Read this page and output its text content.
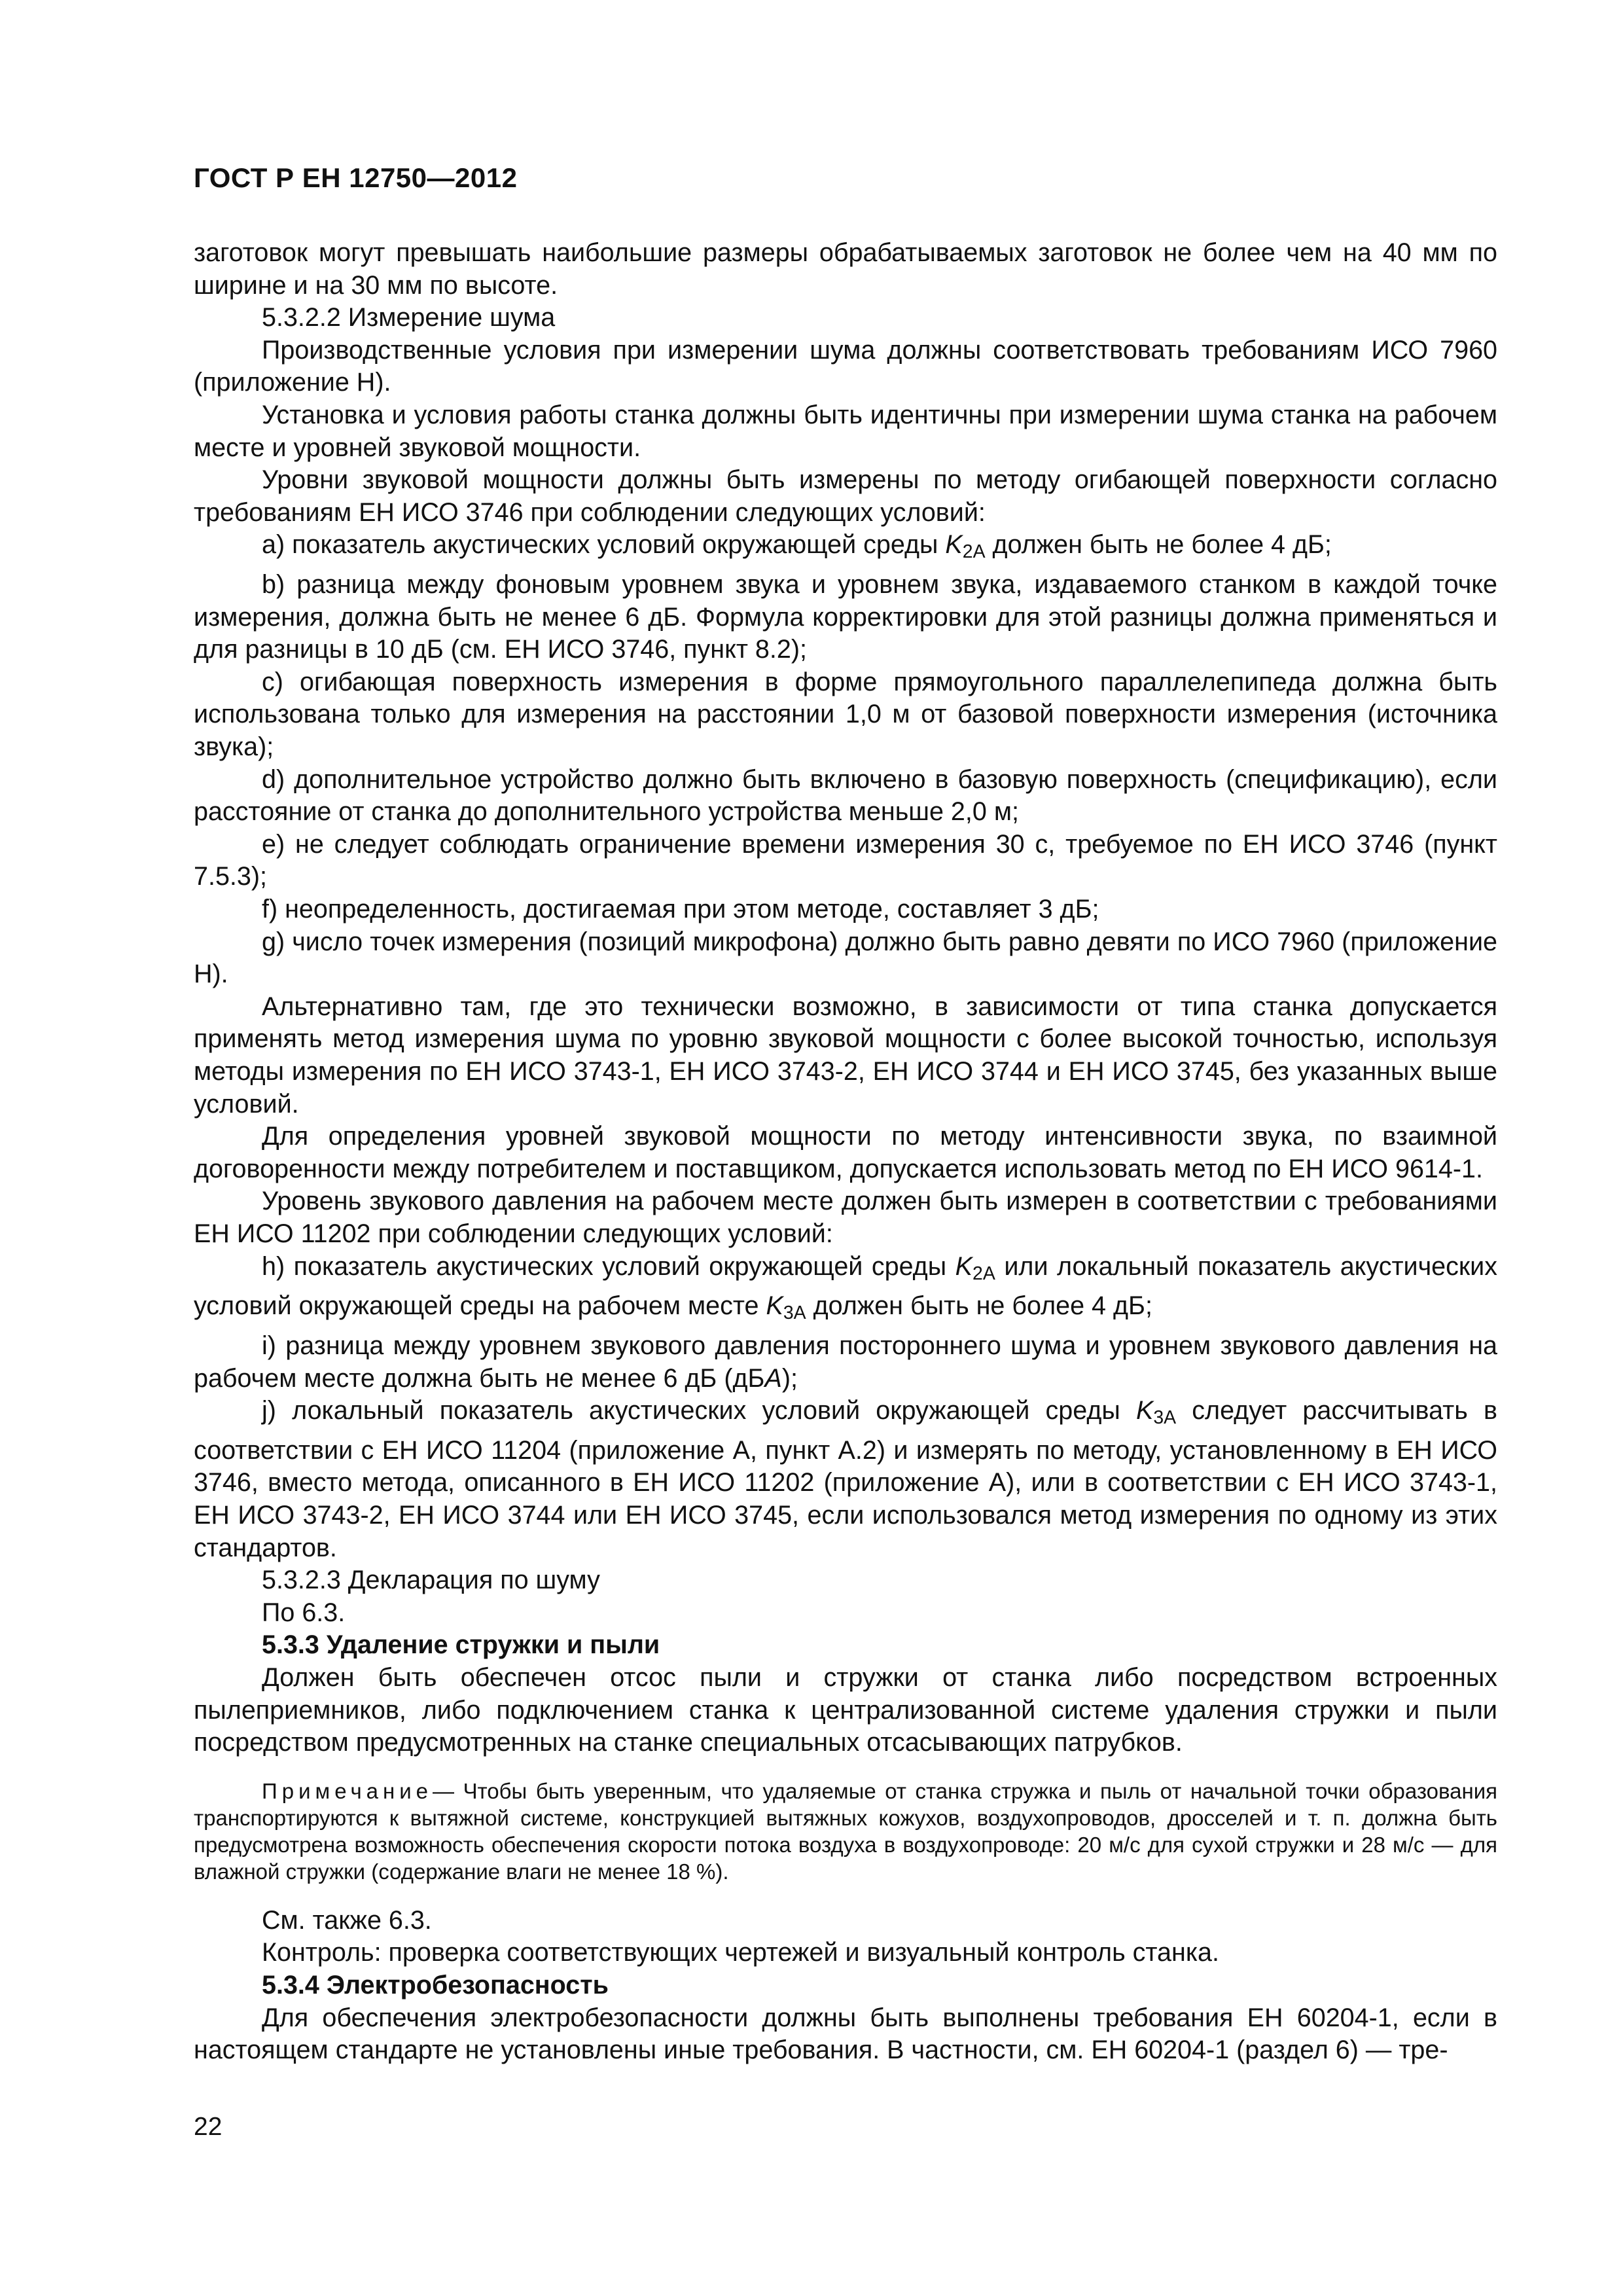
ГОСТ Р ЕН 12750—2012

заготовок могут превышать наибольшие размеры обрабатываемых заготовок не более чем на 40 мм по ширине и на 30 мм по высоте.

5.3.2.2 Измерение шума

Производственные условия при измерении шума должны соответствовать требованиям ИСО 7960 (приложение Н).

Установка и условия работы станка должны быть идентичны при измерении шума станка на рабочем месте и уровней звуковой мощности.

Уровни звуковой мощности должны быть измерены по методу огибающей поверхности согласно требованиям ЕН ИСО 3746 при соблюдении следующих условий:

а) показатель акустических условий окружающей среды $K_{2A}$ должен быть не более 4 дБ;

b) разница между фоновым уровнем звука и уровнем звука, издаваемого станком в каждой точке измерения, должна быть не менее 6 дБ. Формула корректировки для этой разницы должна применяться и для разницы в 10 дБ (см. ЕН ИСО 3746, пункт 8.2);

с) огибающая поверхность измерения в форме прямоугольного параллелепипеда должна быть использована только для измерения на расстоянии 1,0 м от базовой поверхности измерения (источника звука);

d) дополнительное устройство должно быть включено в базовую поверхность (спецификацию), если расстояние от станка до дополнительного устройства меньше 2,0 м;

е) не следует соблюдать ограничение времени измерения 30 с, требуемое по ЕН ИСО 3746 (пункт 7.5.3);

f) неопределенность, достигаемая при этом методе, составляет 3 дБ;

g) число точек измерения (позиций микрофона) должно быть равно девяти по ИСО 7960 (приложение Н).

Альтернативно там, где это технически возможно, в зависимости от типа станка допускается применять метод измерения шума по уровню звуковой мощности с более высокой точностью, используя методы измерения по ЕН ИСО 3743-1, ЕН ИСО 3743-2, ЕН ИСО 3744 и ЕН ИСО 3745, без указанных выше условий.

Для определения уровней звуковой мощности по методу интенсивности звука, по взаимной договоренности между потребителем и поставщиком, допускается использовать метод по ЕН ИСО 9614-1.

Уровень звукового давления на рабочем месте должен быть измерен в соответствии с требованиями ЕН ИСО 11202 при соблюдении следующих условий:

h) показатель акустических условий окружающей среды $K_{2A}$ или локальный показатель акустических условий окружающей среды на рабочем месте $K_{3A}$ должен быть не более 4 дБ;

i) разница между уровнем звукового давления постороннего шума и уровнем звукового давления на рабочем месте должна быть не менее 6 дБ (дБA);

j) локальный показатель акустических условий окружающей среды $K_{3A}$ следует рассчитывать в соответствии с ЕН ИСО 11204 (приложение А, пункт А.2) и измерять по методу, установленному в ЕН ИСО 3746, вместо метода, описанного в ЕН ИСО 11202 (приложение А), или в соответствии с ЕН ИСО 3743-1, ЕН ИСО 3743-2, ЕН ИСО 3744 или ЕН ИСО 3745, если использовался метод измерения по одному из этих стандартов.

5.3.2.3 Декларация по шуму

По 6.3.

5.3.3 Удаление стружки и пыли

Должен быть обеспечен отсос пыли и стружки от станка либо посредством встроенных пылеприемников, либо подключением станка к централизованной системе удаления стружки и пыли посредством предусмотренных на станке специальных отсасывающих патрубков.

Примечание— Чтобы быть уверенным, что удаляемые от станка стружка и пыль от начальной точки образования транспортируются к вытяжной системе, конструкцией вытяжных кожухов, воздухопроводов, дросселей и т. п. должна быть предусмотрена возможность обеспечения скорости потока воздуха в воздухопроводе: 20 м/с для сухой стружки и 28 м/с — для влажной стружки (содержание влаги не менее 18 %).

См. также 6.3.

Контроль: проверка соответствующих чертежей и визуальный контроль станка.

5.3.4 Электробезопасность

Для обеспечения электробезопасности должны быть выполнены требования ЕН 60204-1, если в настоящем стандарте не установлены иные требования. В частности, см. ЕН 60204-1 (раздел 6) — тре-

22
